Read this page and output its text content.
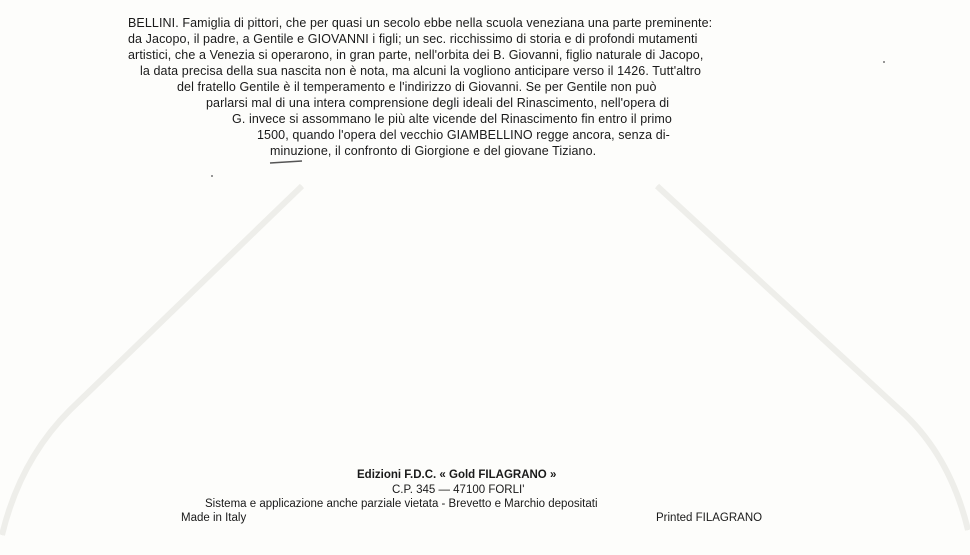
BELLINI. Famiglia di pittori, che per quasi un secolo ebbe nella scuola veneziana una parte preminente:
da Jacopo, il padre, a Gentile e GIOVANNI i figli; un sec. ricchissimo di storia e di profondi mutamenti
artistici, che a Venezia si operarono, in gran parte, nell'orbita dei B. Giovanni, figlio naturale di Jacopo,
la data precisa della sua nascita non è nota, ma alcuni la vogliono anticipare verso il 1426. Tutt'altro
del fratello Gentile è il temperamento e l'indirizzo di Giovanni. Se per Gentile non può
parlarsi mal di una intera comprensione degli ideali del Rinascimento, nell'opera di
G. invece si assommano le più alte vicende del Rinascimento fin entro il primo
1500, quando l'opera del vecchio GIAMBELLINO regge ancora, senza di-
minuzione, il confronto di Giorgione e del giovane Tiziano.
Edizioni F.D.C. « Gold FILAGRANO »
C.P. 345 — 47100 FORLI'
Sistema e applicazione anche parziale vietata - Brevetto e Marchio depositati
Made in Italy	Printed FILAGRANO
